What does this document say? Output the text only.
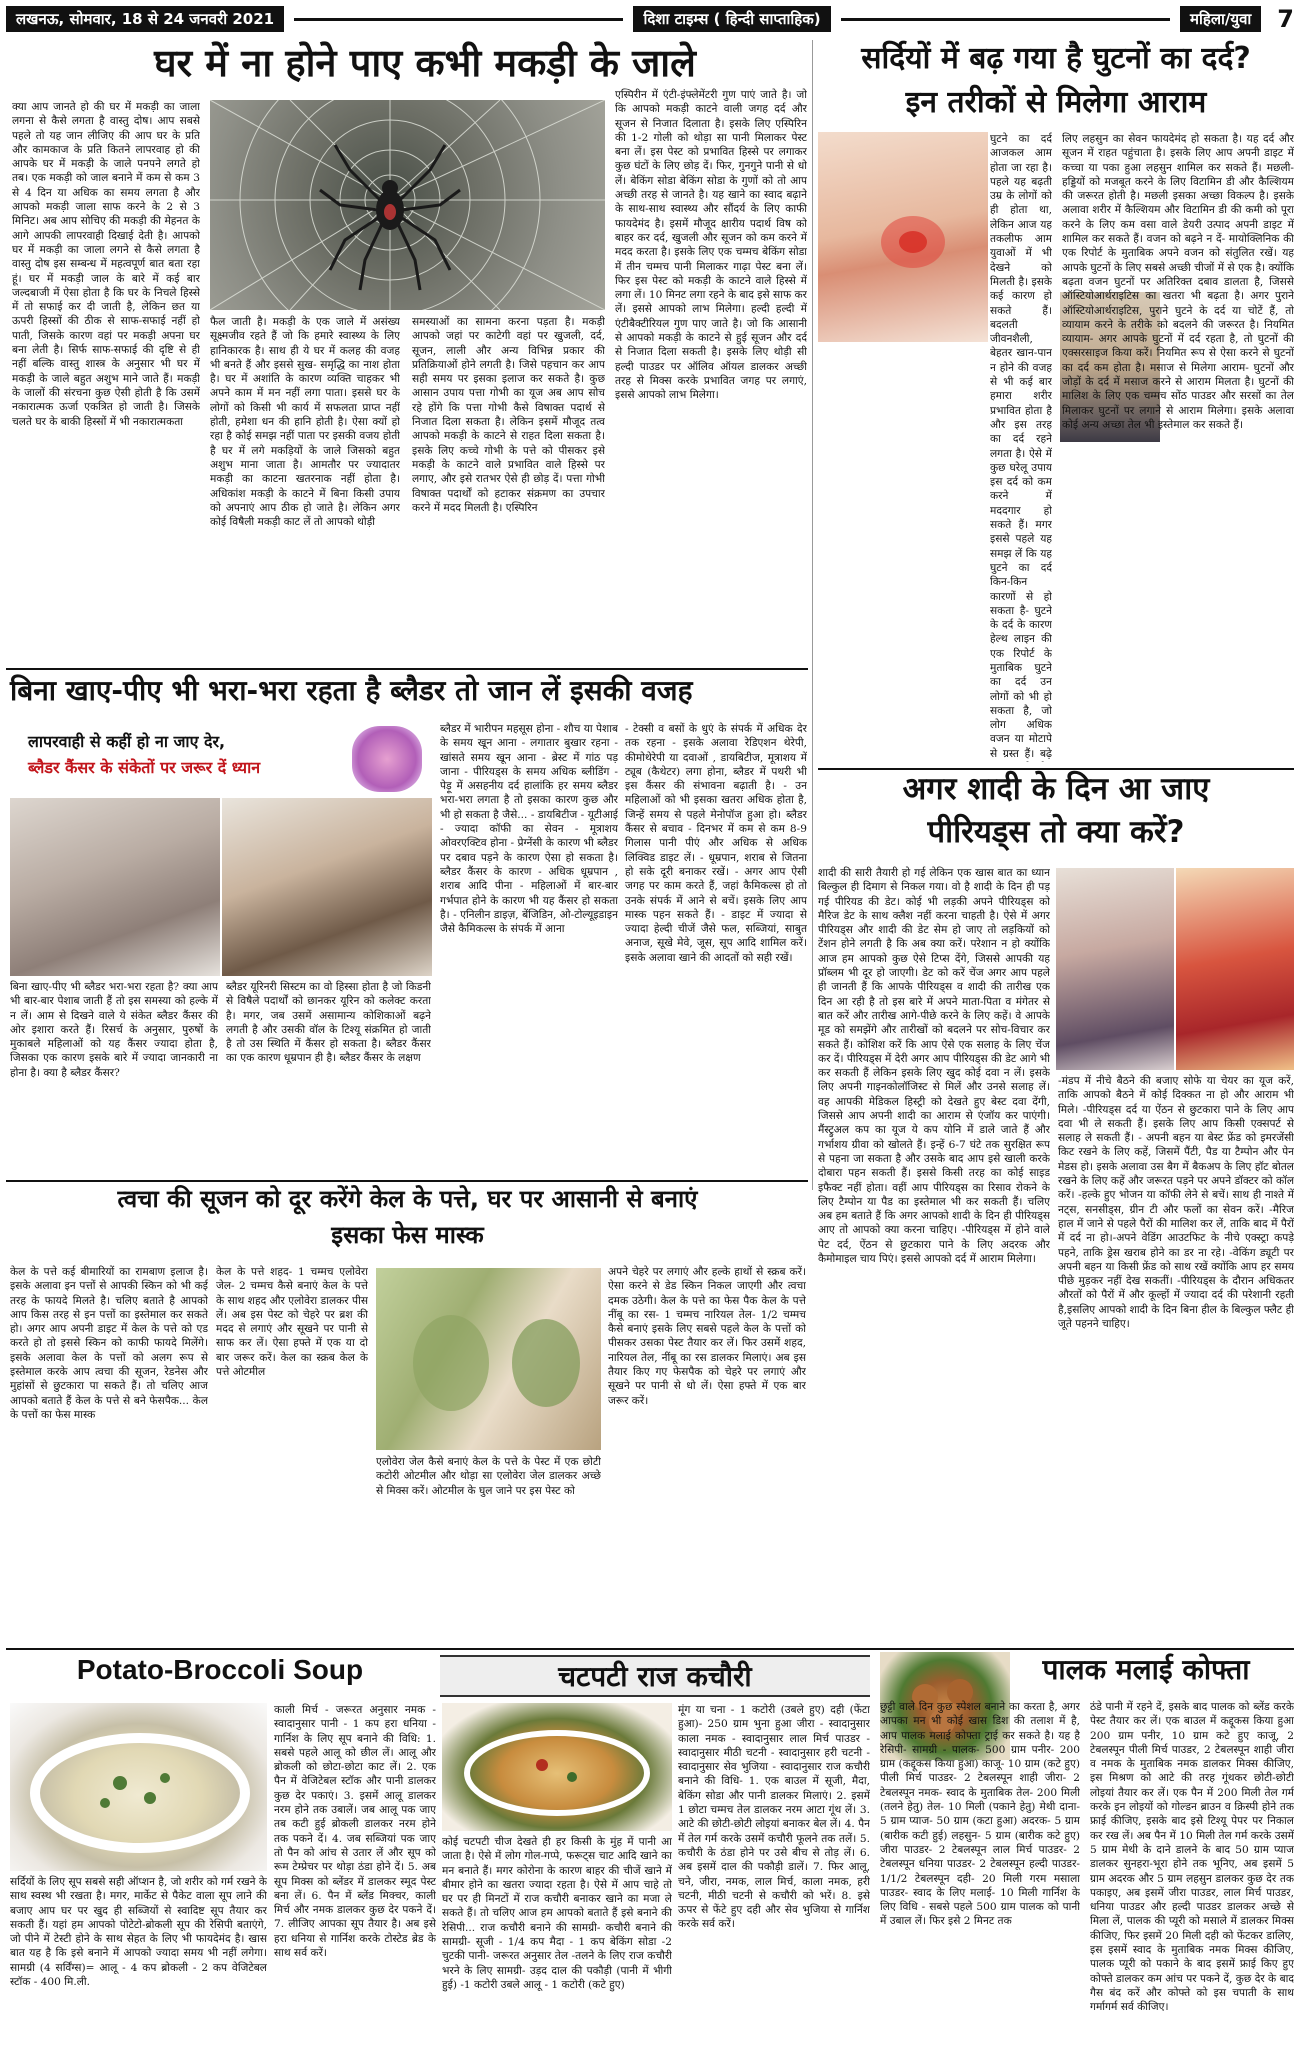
लखनऊ, सोमवार, 18 से 24 जनवरी 2021	दिशा टाइम्स ( हिन्दी साप्ताहिक)	महिला/युवा	7
घर में ना होने पाए कभी मकड़ी के जाले
क्या आप जानते हो की घर में मकड़ी का जाला लगना से कैसे लगता है वास्तु दोष। आप सबसे पहले तो यह जान लीजिए की आप घर के प्रति और कामकाज के प्रति कितने लापरवाह हो की आपके घर में मकड़ी के जाले पनपने लगते हो तब। एक मकड़ी को जाल बनाने में कम से कम 3 से 4 दिन या अधिक का समय लगता है और आपको मकड़ी जाला साफ करने के 2 से 3 मिनिट। अब आप सोचिए की मकड़ी की मेहनत के आगे आपकी लापरवाही दिखाई देती है। आपको घर में मकड़ी का जाला लगने से कैसे लगता है वास्तु दोष इस सम्बन्ध में महत्वपूर्ण बात बता रहा हूं। घर में मकड़ी जाल के बारे में कई बार जल्दबाजी में ऐसा होता है कि घर के निचले हिस्से में तो सफाई कर दी जाती है, लेकिन छत या ऊपरी हिस्सों की ठीक से साफ-सफाई नहीं हो पाती, जिसके कारण वहां पर मकड़ी अपना घर बना लेती है। सिर्फ साफ-सफाई की दृष्टि से ही नहीं बल्कि वास्तु शास्त्र के अनुसार भी घर में मकड़ी के जाले बहुत अशुभ माने जाते हैं। मकड़ी के जालों की संरचना कुछ ऐसी होती है कि उसमें नकारात्मक ऊर्जा एकत्रित हो जाती है। जिसके चलते घर के बाकी हिस्सों में भी नकारात्मकता
फैल जाती है। मकड़ी के एक जाले में असंख्य सूक्ष्मजीव रहते हैं जो कि हमारे स्वास्थ्य के लिए हानिकारक है। साथ ही ये घर में कलह की वजह भी बनते हैं और इससे सुख- समृद्धि का नाश होता है। घर में अशांति के कारण व्यक्ति चाहकर भी अपने काम में मन नहीं लगा पाता। इससे घर के लोगों को किसी भी कार्य में सफलता प्राप्त नहीं होती, हमेशा धन की हानि होती है। ऐसा क्यों हो रहा है कोई समझ नहीं पाता पर इसकी वजय होती है घर में लगे मकड़ियों के जाले जिसको बहुत अशुभ माना जाता है। आमतौर पर ज्यादातर मकड़ी का काटना खतरनाक नहीं होता है। अधिकांश मकड़ी के काटने में बिना किसी उपाय को अपनाएं आप ठीक हो जाते है। लेकिन अगर कोई विषैली मकड़ी काट लें तो आपको थोड़ी
समस्याओं का सामना करना पड़ता है। मकड़ी आपको जहां पर काटेगी वहां पर खुजली, दर्द, सूजन, लाली और अन्य विभिन्न प्रकार की प्रतिक्रियाओं होने लगती है। जिसे पहचान कर आप सही समय पर इसका इलाज कर सकते है। कुछ आसान उपाय पत्ता गोभी का यूज अब आप सोच रहे होंगे कि पत्ता गोभी कैसे विषाक्त पदार्थ से निजात दिला सकता है। लेकिन इसमें मौजूद तत्व आपको मकड़ी के काटने से राहत दिला सकता है। इसके लिए कच्चे गोभी के पत्ते को पीसकर इसे मकड़ी के काटने वाले प्रभावित वाले हिस्से पर लगाए, और इसे रातभर ऐसे ही छोड़ दें। पत्ता गोभी विषाक्त पदार्थों को हटाकर संक्रमण का उपचार करने में मदद मिलती है। एस्पिरिन
एस्पिरीन में एंटी-इंफ्लेमेंटरी गुण पाएं जाते है। जो कि आपको मकड़ी काटने वाली जगह दर्द और सूजन से निजात दिलाता है। इसके लिए एस्पिरिन की 1-2 गोली को थोड़ा सा पानी मिलाकर पेस्ट बना लें। इस पेस्ट को प्रभावित हिस्से पर लगाकर कुछ घंटों के लिए छोड़ दें। फिर, गुनगुने पानी से धो लें। बेकिंग सोडा बेकिंग सोडा के गुणों को तो आप अच्छी तरह से जानते है। यह खाने का स्वाद बढ़ाने के साथ-साथ स्वास्थ्य और सौंदर्य के लिए काफी फायदेमंद है। इसमें मौजूद क्षारीय पदार्थ विष को बाहर कर दर्द, खुजली और सूजन को कम करने में मदद करता है। इसके लिए एक चम्मच बेकिंग सोडा में तीन चम्मच पानी मिलाकर गाढ़ा पेस्ट बना लें। फिर इस पेस्ट को मकड़ी के काटने वाले हिस्से में लगा लें। 10 मिनट लगा रहने के बाद इसे साफ कर लें। इससे आपको लाभ मिलेगा। हल्दी हल्दी में एंटीबैक्टीरियल गुण पाए जाते है। जो कि आसानी से आपको मकड़ी के काटने से हुई सूजन और दर्द से निजात दिला सकती है। इसके लिए थोड़ी सी हल्दी पाउडर पर ऑलिव ऑयल डालकर अच्छी तरह से मिक्स करके प्रभावित जगह पर लगाएं, इससे आपको लाभ मिलेगा।
सर्दियों में बढ़ गया है घुटनों का दर्द?
इन तरीकों से मिलेगा आराम
घुटने का दर्द आजकल आम होता जा रहा है। पहले यह बढ़ती उम्र के लोगों को ही होता था, लेकिन आज यह तकलीफ आम युवाओं में भी देखने को मिलती है। इसके कई कारण हो सकते हैं। बदलती जीवनशैली, बेहतर खान-पान न होने की वजह से भी कई बार हमारा शरीर प्रभावित होता है और इस तरह का दर्द रहने लगता है। ऐसे में कुछ घरेलू उपाय इस दर्द को कम करने में मददगार हो सकते हैं। मगर इससे पहले यह समझ लें कि यह घुटने का दर्द किन-किन कारणों से हो सकता है- घुटने के दर्द के कारण हेल्थ लाइन की एक रिपोर्ट के मुताबिक घुटने का दर्द उन लोगों को भी हो सकता है, जो लोग अधिक वजन या मोटापे से ग्रस्त हैं। बढ़े
लिए लहसुन का सेवन फायदेमंद हो सकता है। यह दर्द और सूजन में राहत पहुंचाता है। इसके लिए आप अपनी डाइट में कच्चा या पका हुआ लहसुन शामिल कर सकते हैं। मछली- हड्डियों को मजबूत करने के लिए विटामिन डी और कैल्शियम की जरूरत होती है। मछली इसका अच्छा विकल्प है। इसके अलावा शरीर में कैल्शियम और विटामिन डी की कमी को पूरा करने के लिए कम वसा वाले डेयरी उत्पाद अपनी डाइट में शामिल कर सकते हैं। वजन को बढ़ने न दें- मायोक्लिनिक की एक रिपोर्ट के मुताबिक अपने वजन को संतुलित रखें। यह आपके घुटनों के लिए सबसे अच्छी चीजों में से एक है। क्योंकि बढ़ता वजन घुटनों पर अतिरिक्त दबाव डालता है, जिससे ऑस्टियोआर्थराइटिस का खतरा भी बढ़ता है। अगर पुराने ऑस्टियोआर्थराइटिस, पुराने घुटने के दर्द या चोटें हैं, तो व्यायाम करने के तरीके को बदलने की जरूरत है। नियमित व्यायाम- अगर आपके घुटनों में दर्द रहता है, तो घुटनों की एक्सरसाइज किया करें। नियमित रूप से ऐसा करने से घुटनों का दर्द कम होता है। मसाज से मिलेगा आराम- घुटनों और जोड़ों के दर्द में मसाज करने से आराम मिलता है। घुटनों की मालिश के लिए एक चम्मच सोंठ पाउडर और सरसों का तेल मिलाकर घुटनों पर लगाने से आराम मिलेगा। इसके अलावा कोई अन्य अच्छा तेल भी इस्तेमाल कर सकते हैं।
बिना खाए-पीए भी भरा-भरा रहता है ब्लैडर तो जान लें इसकी वजह
लापरवाही से कहीं हो ना जाए देर,
ब्लैडर कैंसर के संकेतों पर जरूर दें ध्यान
बिना खाए-पीए भी ब्लैडर भरा-भरा रहता है? क्या आप भी बार-बार पेशाब जाती हैं तो इस समस्या को हल्के में न लें। आम से दिखने वाले ये संकेत ब्लैडर कैंसर की ओर इशारा करते हैं। रिसर्च के अनुसार, पुरुषों के मुकाबले महिलाओं को यह कैंसर ज्यादा होता है, जिसका एक कारण इसके बारे में ज्यादा जानकारी ना होना है। क्या है ब्लैडर कैंसर?
ब्लैडर यूरिनरी सिस्टम का वो हिस्सा होता है जो किडनी से विषैले पदार्थों को छानकर यूरिन को कलेक्ट करता है। मगर, जब उसमें असामान्य कोशिकाओं बढ़ने लगती है और उसकी वॉल के टिश्यू संक्रमित हो जाती है तो उस स्थिति में कैंसर हो सकता है। ब्लैडर कैंसर का एक कारण धूम्रपान ही है। ब्लैडर कैंसर के लक्षण
ब्लैडर में भारीपन महसूस होना - शौच या पेशाब के समय खून आना - लगातार बुखार रहना - खांसते समय खून आना - ब्रेस्ट में गांठ पड़ जाना - पीरियड्स के समय अधिक ब्लीडिंग - पेड़ू में असहनीय दर्द हालांकि हर समय ब्लैडर भरा-भरा लगता है तो इसका कारण कुछ और भी हो सकता है जैसे... - डायबिटीज - यूटीआई - ज्यादा कॉफी का सेवन - मूत्राशय ओवरएक्टिव होना - प्रेग्नेंसी के कारण भी ब्लैडर पर दबाव पड़ने के कारण ऐसा हो सकता है। ब्लैडर कैंसर के कारण - अधिक धूम्रपान , शराब आदि पीना - महिलाओं में बार-बार गर्भपात होने के कारण भी यह कैंसर हो सकता है। - एनिलीन डाइज़, बेंजिडिन, ओ-टोल्यूइडाइन जैसे कैमिकल्स के संपर्क में आना
- टेक्सी व बसों के धुएं के संपर्क में अधिक देर तक रहना - इसके अलावा रेडिएशन थेरेपी, कीमोथेरेपी या दवाओं , डायबिटीज, मूत्राशय में ट्यूब (कैथेटर) लगा होना, ब्लैडर में पथरी भी इस कैंसर की संभावना बढ़ाती है। - उन महिलाओं को भी इसका खतरा अधिक होता है, जिन्हें समय से पहले मेनोपॉज हुआ हो। ब्लैडर कैंसर से बचाव - दिनभर में कम से कम 8-9 गिलास पानी पीएं और अधिक से अधिक लिक्विड डाइट लें। - धूम्रपान, शराब से जितना हो सके दूरी बनाकर रखें। - अगर आप ऐसी जगह पर काम करते हैं, जहां कैमिकल्स हो तो उनके संपर्क में आने से बचें। इसके लिए आप मास्क पहन सकते हैं। - डाइट में ज्यादा से ज्यादा हेल्दी चीजें जैसे फल, सब्जियां, साबुत अनाज, सूखे मेवे, जूस, सूप आदि शामिल करें। इसके अलावा खाने की आदतों को सही रखें।
अगर शादी के दिन आ जाए
पीरियड्स तो क्या करें?
शादी की सारी तैयारी हो गई लेकिन एक खास बात का ध्यान बिल्कुल ही दिमाग से निकल गया। वो है शादी के दिन ही पड़ गई पीरियड की डेट। कोई भी लड़की अपने पीरियड्स को मैरिज डेट के साथ क्लैश नहीं करना चाहती है। ऐसे में अगर पीरियड्स और शादी की डेट सेम हो जाए तो लड़कियों को टेंशन होने लगती है कि अब क्या करें। परेशान न हो क्योंकि आज हम आपको कुछ ऐसे टिप्स देंगे, जिससे आपकी यह प्रॉब्लम भी दूर हो जाएगी। डेट को करें चेंज अगर आप पहले ही जानती हैं कि आपके पीरियड्स व शादी की तारीख एक दिन आ रही है तो इस बारे में अपने माता-पिता व मंगेतर से बात करें और तारीख आगे-पीछे करने के लिए कहें। वे आपके मूड को समझेंगे और तारीखों को बदलने पर सोच-विचार कर सकते हैं। कोशिश करें कि आप ऐसे एक सलाह के लिए चेंज कर दें। पीरियड्स में देरी अगर आप पीरियड्स की डेट आगे भी कर सकती हैं लेकिन इसके लिए खुद कोई दवा न लें। इसके लिए अपनी गाइनकोलॉजिस्ट से मिलें और उनसे सलाह लें। वह आपकी मेडिकल हिस्ट्री को देखते हुए बेस्ट दवा देंगी, जिससे आप अपनी शादी का आराम से एंजॉय कर पाएंगी। मैंस्ट्रुअल कप का यूज ये कप योनि में डाले जाते हैं और गर्भाशय ग्रीवा को खोलते हैं। इन्हें 6-7 घंटे तक सुरक्षित रूप से पहना जा सकता है और उसके बाद आप इसे खाली करके दोबारा पहन सकती हैं। इससे किसी तरह का कोई साइड इफैक्ट नहीं होता। वहीं आप पीरियड्स का रिसाव रोकने के लिए टैम्पोन या पैड का इस्तेमाल भी कर सकती हैं। चलिए अब हम बताते हैं कि अगर आपको शादी के दिन ही पीरियड्स आए तो आपको क्या करना चाहिए। -पीरियड्स में होने वाले पेट दर्द, ऐंठन से छुटकारा पाने के लिए अदरक और कैमोमाइल चाय पिएं। इससे आपको दर्द में आराम मिलेगा।
-मंडप में नीचे बैठने की बजाए सोफे या चेयर का यूज करें, ताकि आपको बैठने में कोई दिक्कत ना हो और आराम भी मिले। -पीरियड्स दर्द या ऐंठन से छुटकारा पाने के लिए आप दवा भी ले सकती हैं। इसके लिए आप किसी एक्सपर्ट से सलाह ले सकती हैं। - अपनी बहन या बेस्ट फ्रेंड को इमरजेंसी किट रखने के लिए कहें, जिसमें पैंटी, पैड या टैम्पोन और पेन मेडस हो। इसके अलावा उस बैग में बैकअप के लिए हॉट बोतल रखने के लिए कहें और जरूरत पड़ने पर अपने डॉक्टर को कॉल करें। -हल्के हुए भोजन या कॉफी लेने से बचें। साथ ही नाश्ते में नट्स, सनसीड्स, ग्रीन टी और फलों का सेवन करें। -मैरिज हाल में जाने से पहले पैरों की मालिश कर लें, ताकि बाद में पैरों में दर्द ना हो।-अपने वेडिंग आउटफिट के नीचे एक्स्ट्रा कपड़े पहने, ताकि ड्रेस खराब होने का डर ना रहे। -वेकिंग ड्यूटी पर अपनी बहन या किसी फ्रेंड को साथ रखें क्योंकि आप हर समय पीछे मुड़कर नहीं देख सकतीं। -पीरियड्स के दौरान अधिकतर औरतों को पैरों में और कूल्हों में ज्यादा दर्द की परेशानी रहती है,इसलिए आपको शादी के दिन बिना हील के बिल्कुल फ्लैट ही जूते पहनने चाहिए।
त्वचा की सूजन को दूर करेंगे केल के पत्ते, घर पर आसानी से बनाएं
इसका फेस मास्क
केल के पत्ते कई बीमारियों का रामबाण इलाज है। इसके अलावा इन पत्तों से आपकी स्किन को भी कई तरह के फायदे मिलते है। चलिए बताते है आपको आप किस तरह से इन पत्तों का इस्तेमाल कर सकते हो। अगर आप अपनी डाइट में केल के पत्ते को एड करते हो तो इससे स्किन को काफी फायदे मिलेंगे। इसके अलावा केल के पत्तों को अलग रूप से इस्तेमाल करके आप त्वचा की सूजन, रेडनेस और मुहांसों से छुटकारा पा सकते हैं। तो चलिए आज आपको बताते हैं केल के पत्ते से बने फेसपैक... केल के पत्तों का फेस मास्क
केल के पत्ते शहद- 1 चम्मच एलोवेरा जेल- 2 चम्मच कैसे बनाएं केल के पत्ते के साथ शहद और एलोवेरा डालकर पीस लें। अब इस पेस्ट को चेहरे पर ब्रश की मदद से लगाएं और सूखने पर पानी से साफ कर लें। ऐसा हफ्ते में एक या दो बार जरूर करें। केल का स्क्रब केल के पत्ते ओटमील
एलोवेरा जेल कैसे बनाएं केल के पत्ते के पेस्ट में एक छोटी कटोरी ओटमील और थोड़ा सा एलोवेरा जेल डालकर अच्छे से मिक्स करें। ओटमील के घुल जाने पर इस पेस्ट को
अपने चेहरे पर लगाएं और हल्के हाथों से स्क्रब करें। ऐसा करने से डेड स्किन निकल जाएगी और त्वचा दमक उठेगी। केल के पत्ते का फेस पैक केल के पत्ते नींबू का रस- 1 चम्मच नारियल तेल- 1/2 चम्मच कैसे बनाएं इसके लिए सबसे पहले केल के पत्तों को पीसकर उसका पेस्ट तैयार कर लें। फिर उसमें शहद, नारियल तेल, नींबू का रस डालकर मिलाएं। अब इस तैयार किए गए फेसपैक को चेहरे पर लगाएं और सूखने पर पानी से धो लें। ऐसा हफ्ते में एक बार जरूर करें।
Potato-Broccoli Soup
सर्दियों के लिए सूप सबसे सही ऑप्शन है, जो शरीर को गर्म रखने के साथ स्वस्थ भी रखता है। मगर, मार्केट से पैकेट वाला सूप लाने की बजाए आप घर पर खुद ही सब्जियों से स्वादिष्ट सूप तैयार कर सकती हैं। यहां हम आपको पोटेटो-ब्रोकली सूप की रेसिपी बताएंगे, जो पीने में टेस्टी होने के साथ सेहत के लिए भी फायदेमंद है। खास बात यह है कि इसे बनाने में आपको ज्यादा समय भी नहीं लगेगा। सामग्री (4 सर्विंग्स)= आलू - 4 कप ब्रोकली - 2 कप वेजिटेबल स्टॉक - 400 मि.ली.
काली मिर्च - जरूरत अनुसार नमक - स्वादानुसार पानी - 1 कप हरा धनिया - गार्निश के लिए सूप बनाने की विधि: 1. सबसे पहले आलू को छील लें। आलू और ब्रोकली को छोटा-छोटा काट लें। 2. एक पैन में वेजिटेबल स्टॉक और पानी डालकर कुछ देर पकाएं। 3. इसमें आलू डालकर नरम होने तक उबालें। जब आलू पक जाए तब कटी हुई ब्रोकली डालकर नरम होने तक पकने दें। 4. जब सब्जियां पक जाए तो पैन को आंच से उतार लें और सूप को रूम टेम्प्रेचर पर थोड़ा ठंडा होने दें। 5. अब सूप मिक्स को ब्लेंडर में डालकर स्मूद पेस्ट बना लें। 6. पैन में ब्लेंड मिक्चर, काली मिर्च और नमक डालकर कुछ देर पकने दें। 7. लीजिए आपका सूप तैयार है। अब इसे हरा धनिया से गार्निश करके टोस्टेड ब्रेड के साथ सर्व करें।
चटपटी राज कचौरी
कोई चटपटी चीज देखते ही हर किसी के मुंह में पानी आ जाता है। ऐसे में लोग गोल-गप्पे, फरूट्स चाट आदि खाने का मन बनाते हैं। मगर कोरोना के कारण बाहर की चीजें खाने में बीमार होने का खतरा ज्यादा रहता है। ऐसे में आप चाहे तो घर पर ही मिनटों में राज कचौरी बनाकर खाने का मजा ले सकते हैं। तो चलिए आज हम आपको बताते हैं इसे बनाने की रेसिपी... राज कचौरी बनाने की सामग्री- कचौरी बनाने की सामग्री- सूजी - 1/4 कप मैदा - 1 कप बेकिंग सोडा -2 चुटकी पानी- जरूरत अनुसार तेल -तलने के लिए राज कचौरी भरने के लिए सामग्री- उड़द दाल की पकौड़ी (पानी में भीगी हुई) -1 कटोरी उबले आलू - 1 कटोरी (कटे हुए)
मूंग या चना - 1 कटोरी (उबले हुए) दही (फेंटा हुआ)- 250 ग्राम भुना हुआ जीरा - स्वादानुसार काला नमक - स्वादानुसार लाल मिर्च पाउडर - स्वादानुसार मीठी चटनी - स्वादानुसार हरी चटनी - स्वादानुसार सेव भुजिया - स्वादानुसार राज कचौरी बनाने की विधि- 1. एक बाउल में सूजी, मैदा, बेकिंग सोडा और पानी डालकर मिलाएं। 2. इसमें 1 छोटा चम्मच तेल डालकर नरम आटा गूंथ लें। 3. आटे की छोटी-छोटी लोइयां बनाकर बेल लें। 4. पैन में तेल गर्म करके उसमें कचौरी फूलने तक तलें। 5. कचौरी के ठंडा होने पर उसे बीच से तोड़ लें। 6. अब इसमें दाल की पकौड़ी डालें। 7. फिर आलू, चने, जीरा, नमक, लाल मिर्च, काला नमक, हरी चटनी, मीठी चटनी से कचौरी को भरें। 8. इसे ऊपर से फेंटे हुए दही और सेव भुजिया से गार्निश करके सर्व करें।
पालक मलाई कोफ्ता
छुट्टी वाले दिन कुछ स्पेशल बनाने का करता है, अगर आपका मन भी कोई खास डिश की तलाश में है, आप पालक मलाई कोफ्ता ट्राई कर सकते है। यह है रेसिपी- सामग्री - पालक- 500 ग्राम पनीर- 200 ग्राम (कद्दूकस किया हुआ) काजू- 10 ग्राम (कटे हुए) पीली मिर्च पाउडर- 2 टेबलस्पून शाही जीरा- 2 टेबलस्पून नमक- स्वाद के मुताबिक तेल- 200 मिली (तलने हेतु) तेल- 10 मिली (पकाने हेतु) मेथी दाना- 5 ग्राम प्याज- 50 ग्राम (कटा हुआ) अदरक- 5 ग्राम (बारीक कटी हुई) लहसुन- 5 ग्राम (बारीक कटे हुए) जीरा पाउडर- 2 टेबलस्पून लाल मिर्च पाउडर- 2 टेबलस्पून धनिया पाउडर- 2 टेबलस्पून हल्दी पाउडर- 1/1/2 टेबलस्पून दही- 20 मिली गरम मसाला पाउडर- स्वाद के लिए मलाई- 10 मिली गार्निश के लिए विधि - सबसे पहले 500 ग्राम पालक को पानी में उबाल लें। फिर इसे 2 मिनट तक
ठंडे पानी में रहने दें, इसके बाद पालक को ब्लेंड करके पेस्ट तैयार कर लें। एक बाउल में कद्दूकस किया हुआ 200 ग्राम पनीर, 10 ग्राम कटे हुए काजू, 2 टेबलस्पून पीली मिर्च पाउडर, 2 टेबलस्पून शाही जीरा व नमक के मुताबिक नमक डालकर मिक्स कीजिए, इस मिश्रण को आटे की तरह गूंथकर छोटी-छोटी लोइयां तैयार कर लें। एक पैन में 200 मिली तेल गर्म करके इन लोइयों को गोल्डन ब्राउन व क्रिस्पी होने तक फ्राई कीजिए, इसके बाद इसे टिश्यू पेपर पर निकाल कर रख लें। अब पैन में 10 मिली तेल गर्म करके उसमें 5 ग्राम मेथी के दाने डालने के बाद 50 ग्राम प्याज डालकर सुनहरा-भूरा होने तक भूनिए, अब इसमें 5 ग्राम अदरक और 5 ग्राम लहसुन डालकर कुछ देर तक पकाइए, अब इसमें जीरा पाउडर, लाल मिर्च पाउडर, धनिया पाउडर और हल्दी पाउडर डालकर अच्छे से मिला लें, पालक की प्यूरी को मसाले में डालकर मिक्स कीजिए, फिर इसमें 20 मिली दही को फेंटकर डालिए, इस इसमें स्वाद के मुताबिक नमक मिक्स कीजिए, पालक प्यूरी को पकाने के बाद इसमें फ्राई किए हुए कोफ्ते डालकर कम आंच पर पकने दें, कुछ देर के बाद गैस बंद करें और कोफ्ते को इस चपाती के साथ गर्मागर्म सर्व कीजिए।
